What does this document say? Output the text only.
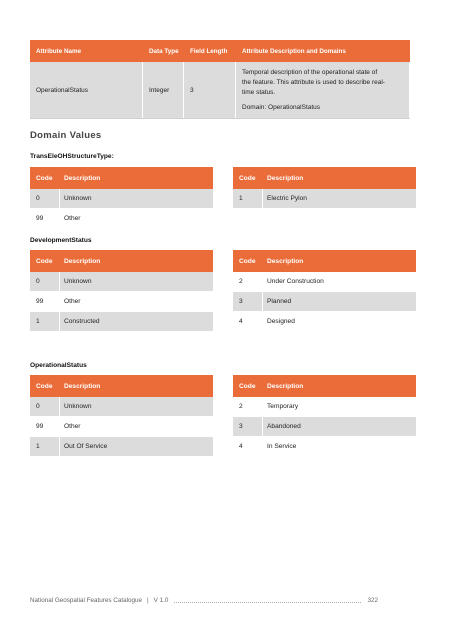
Attribute Name	Data Type	Field Length	Attribute Description and Domains
OperationalStatus	Integer	3
Temporal description of the operational state of
the feature. This attribute is used to describe real-
time status.
Domain: OperationalStatus
Domain Values
TransEleOHStructureType:
Code	Description
0	Unknown
99	Other
Code	Description
1	Electric Pylon
DevelopmentStatus
Code	Description
0	Unknown
99	Other
1	Constructed
Code	Description
2	Under Construction
3	Planned
4	Designed
OperationalStatus
Code	Description
0	Unknown
99	Other
1	Out Of Service
Code	Description
2	Temporary
3	Abandoned
4	In Service
National Geospatial Features Catalogue | V 1.0	322
